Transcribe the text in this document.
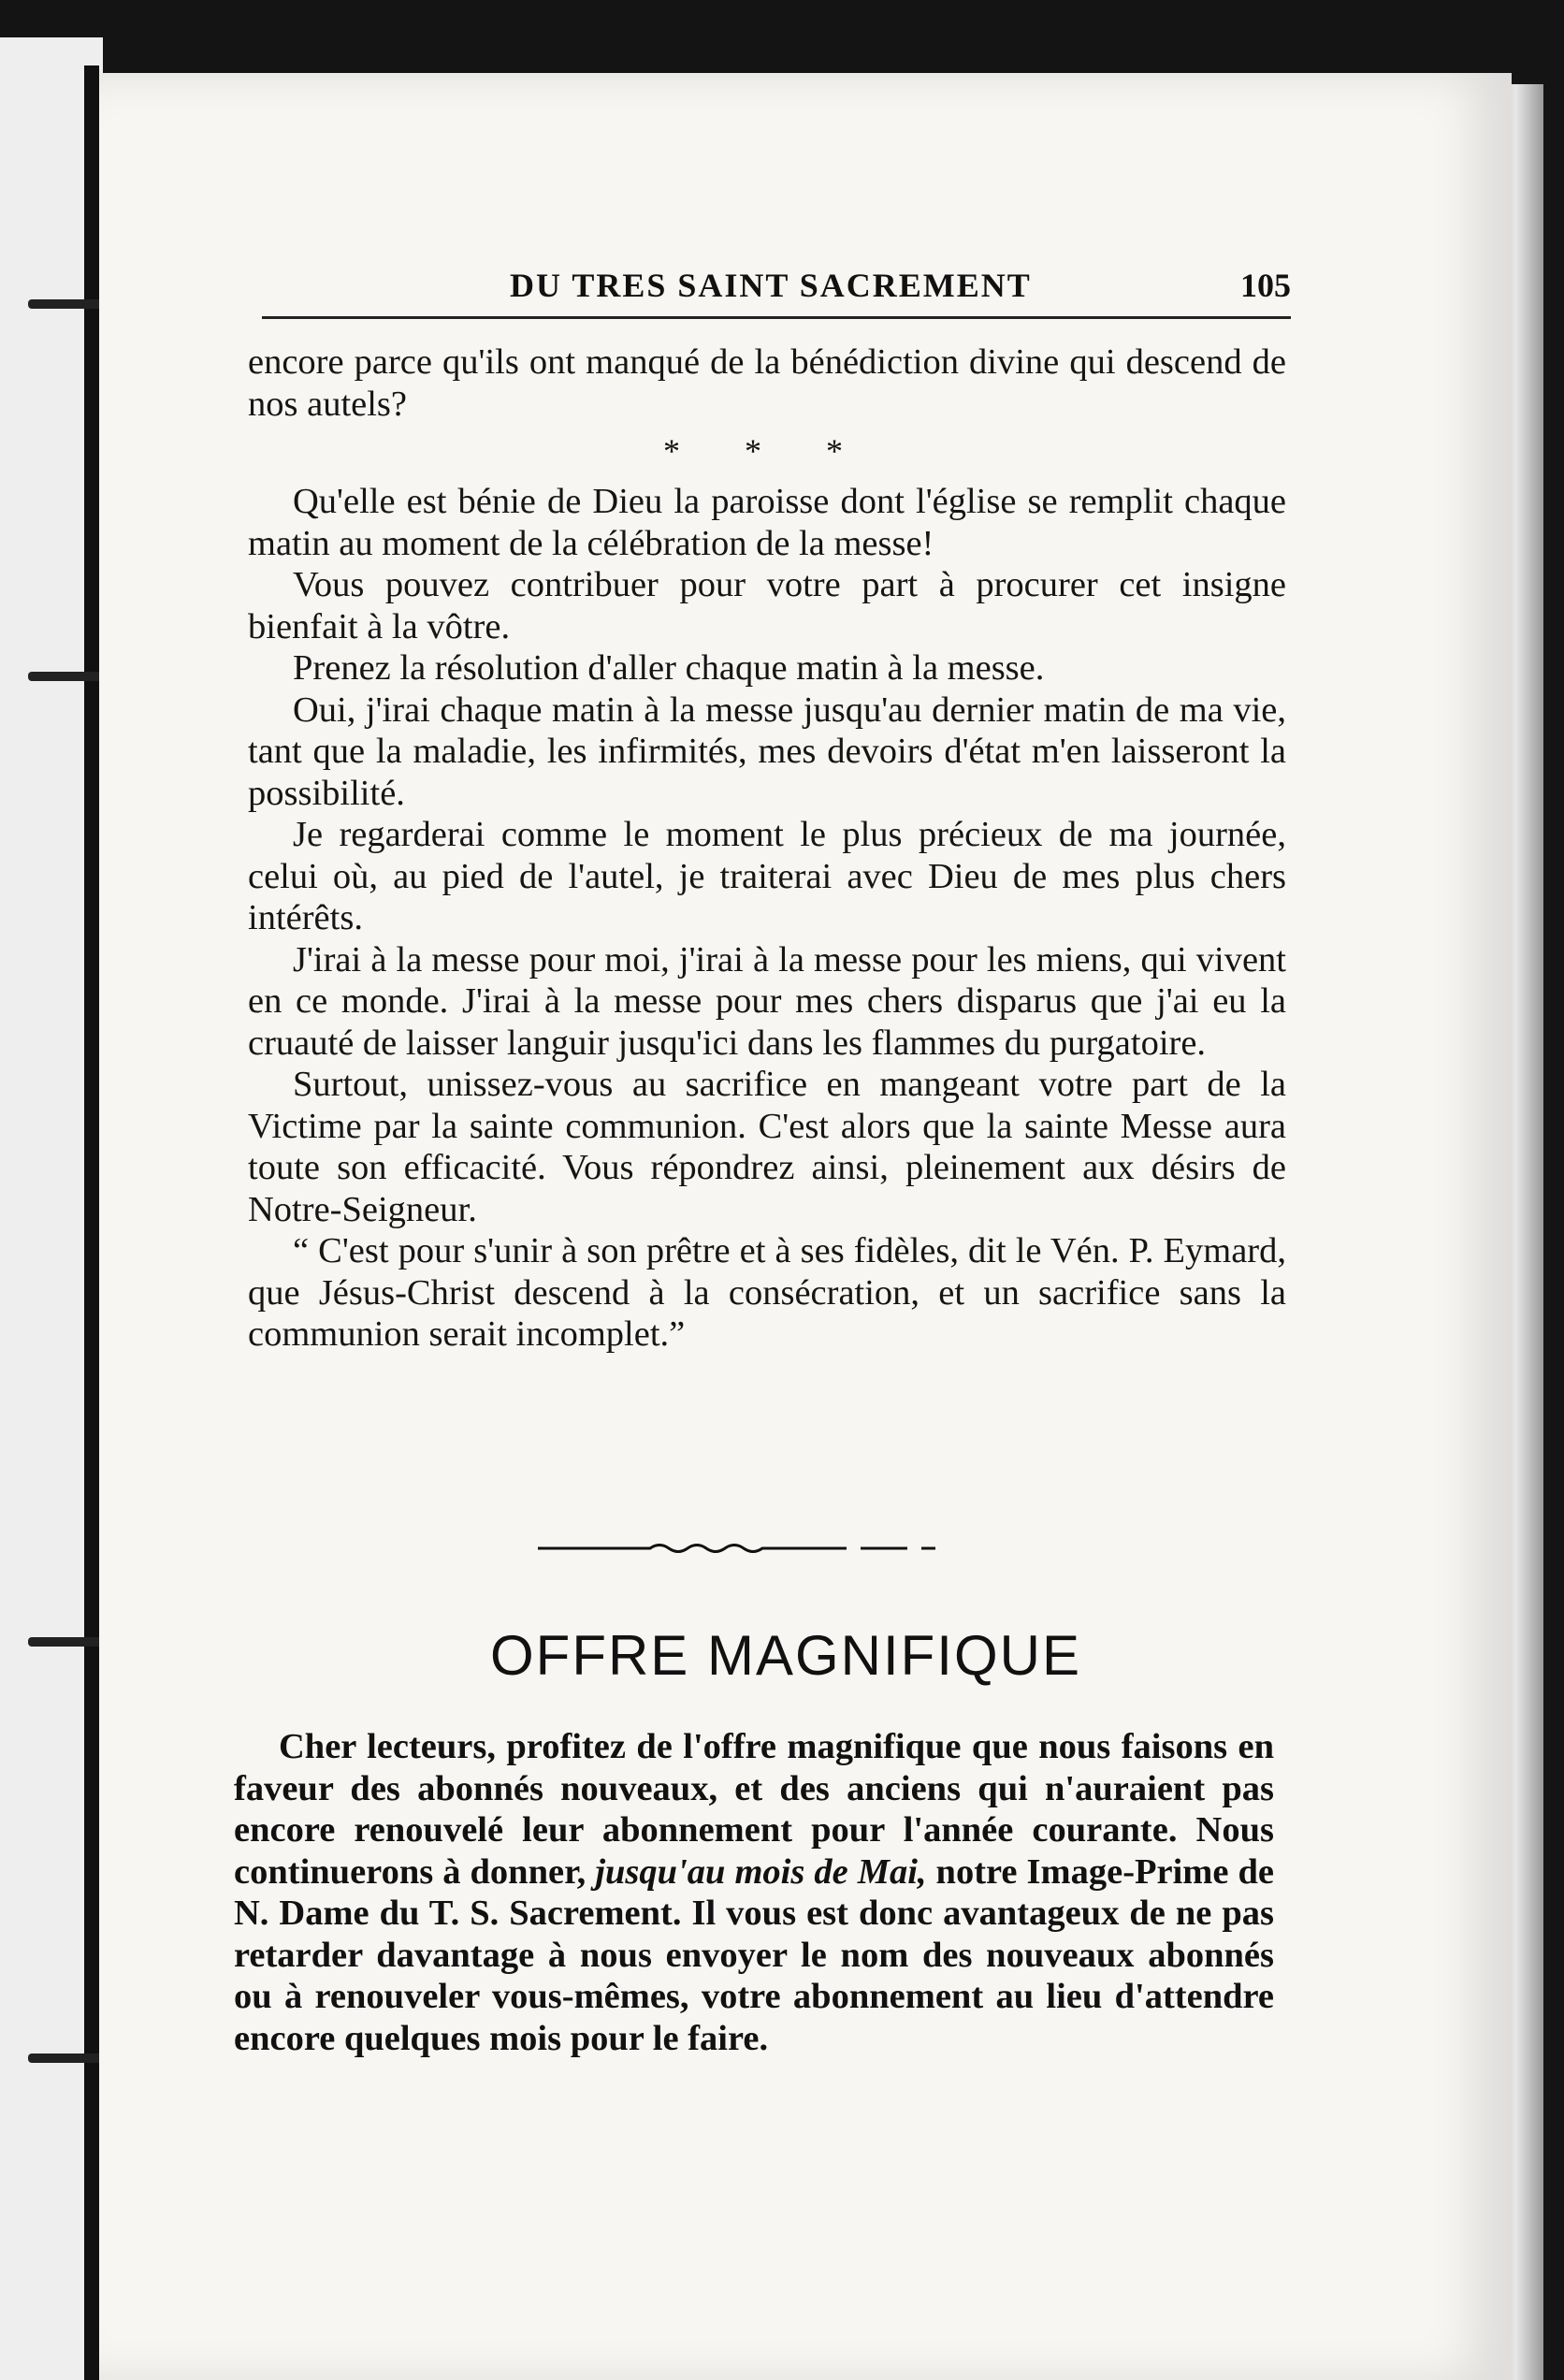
DU TRES SAINT SACREMENT	105

encore parce qu'ils ont manqué de la bénédiction divine qui descend de nos autels?

* * *

Qu'elle est bénie de Dieu la paroisse dont l'église se remplit chaque matin au moment de la célébration de la messe!

Vous pouvez contribuer pour votre part à procurer cet insigne bienfait à la vôtre.

Prenez la résolution d'aller chaque matin à la messe.

Oui, j'irai chaque matin à la messe jusqu'au dernier matin de ma vie, tant que la maladie, les infirmités, mes devoirs d'état m'en laisseront la possibilité.

Je regarderai comme le moment le plus précieux de ma journée, celui où, au pied de l'autel, je traiterai avec Dieu de mes plus chers intérêts.

J'irai à la messe pour moi, j'irai à la messe pour les miens, qui vivent en ce monde. J'irai à la messe pour mes chers disparus que j'ai eu la cruauté de laisser languir jusqu'ici dans les flammes du purgatoire.

Surtout, unissez-vous au sacrifice en mangeant votre part de la Victime par la sainte communion. C'est alors que la sainte Messe aura toute son efficacité. Vous répondrez ainsi, pleinement aux désirs de Notre-Seigneur.

“ C'est pour s'unir à son prêtre et à ses fidèles, dit le Vén. P. Eymard, que Jésus-Christ descend à la consécration, et un sacrifice sans la communion serait incomplet.”

OFFRE MAGNIFIQUE

Cher lecteurs, profitez de l'offre magnifique que nous faisons en faveur des abonnés nouveaux, et des anciens qui n'auraient pas encore renouvelé leur abonnement pour l'année courante. Nous continuerons à donner, jusqu'au mois de Mai, notre Image-Prime de N. Dame du T. S. Sacrement. Il vous est donc avantageux de ne pas retarder davantage à nous envoyer le nom des nouveaux abonnés ou à renouveler vous-mêmes, votre abonnement au lieu d'attendre encore quelques mois pour le faire.
